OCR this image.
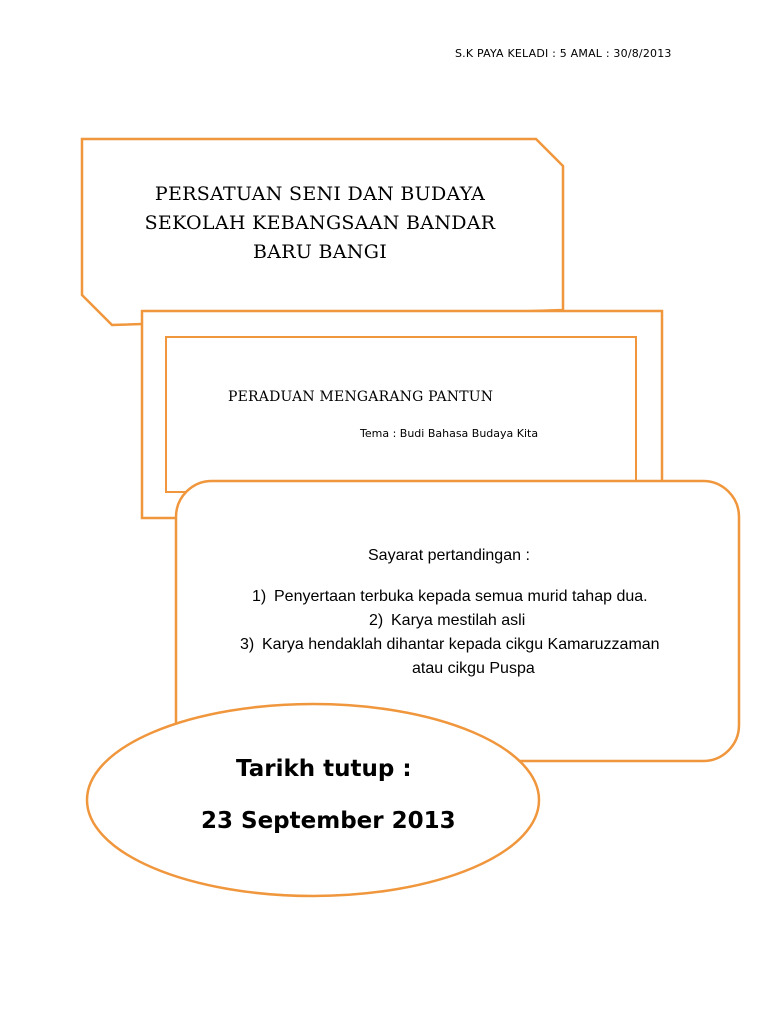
S.K PAYA KELADI : 5 AMAL : 30/8/2013
PERSATUAN SENI DAN BUDAYA
SEKOLAH KEBANGSAAN BANDAR
BARU BANGI
PERADUAN MENGARANG PANTUN
Tema : Budi Bahasa Budaya Kita
Sayarat pertandingan :
1) Penyertaan terbuka kepada semua murid tahap dua.
2) Karya mestilah asli
3) Karya hendaklah dihantar kepada cikgu Kamaruzzaman
atau cikgu Puspa
Tarikh tutup :
23 September 2013
